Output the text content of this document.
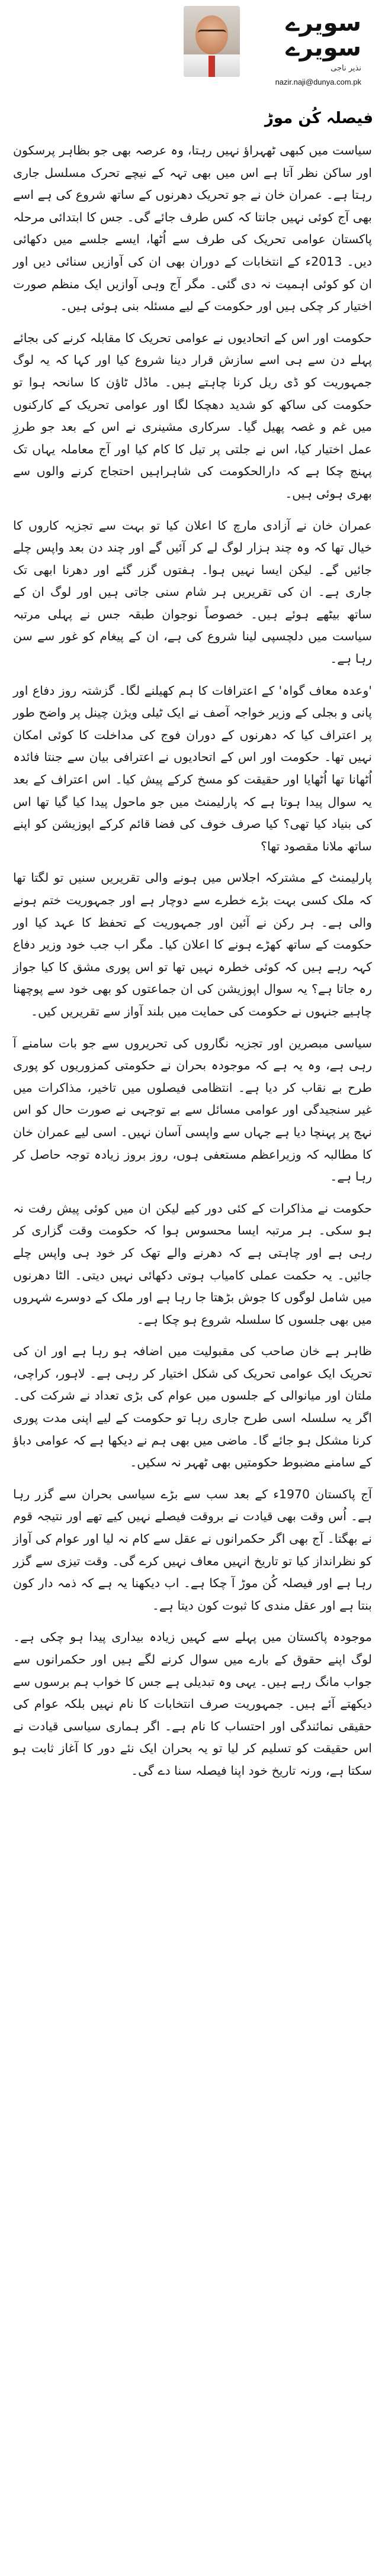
سویرے سویرے
نذیر ناجی
nazir.naji@dunya.com.pk
فیصلہ کُن موڑ

سیاست میں کبھی ٹھہراؤ نہیں رہتا، وہ عرصہ بھی جو بظاہر پرسکون اور ساکن نظر آتا ہے اس میں بھی تہہ کے نیچے تحرک مسلسل جاری رہتا ہے۔ عمران خان نے جو تحریک دھرنوں کے ساتھ شروع کی ہے اسے بھی آج کوئی نہیں جانتا کہ کس طرف جائے گی۔ جس کا ابتدائی مرحلہ پاکستان عوامی تحریک کی طرف سے اُٹھا، ایسے جلسے میں دکھائی دیں۔ 2013ء کے انتخابات کے دوران بھی ان کی آوازیں سنائی دیں اور ان کو کوئی اہمیت نہ دی گئی۔ مگر آج وہی آوازیں ایک منظم صورت اختیار کر چکی ہیں اور حکومت کے لیے مسئلہ بنی ہوئی ہیں۔

حکومت اور اس کے اتحادیوں نے عوامی تحریک کا مقابلہ کرنے کی بجائے پہلے دن سے ہی اسے سازش قرار دینا شروع کیا اور کہا کہ یہ لوگ جمہوریت کو ڈی ریل کرنا چاہتے ہیں۔ ماڈل ٹاؤن کا سانحہ ہوا تو حکومت کی ساکھ کو شدید دھچکا لگا اور عوامی تحریک کے کارکنوں میں غم و غصہ پھیل گیا۔ سرکاری مشینری نے اس کے بعد جو طرزِ عمل اختیار کیا، اس نے جلتی پر تیل کا کام کیا اور آج معاملہ یہاں تک پہنچ چکا ہے کہ دارالحکومت کی شاہراہیں احتجاج کرنے والوں سے بھری ہوئی ہیں۔

عمران خان نے آزادی مارچ کا اعلان کیا تو بہت سے تجزیہ کاروں کا خیال تھا کہ وہ چند ہزار لوگ لے کر آئیں گے اور چند دن بعد واپس چلے جائیں گے۔ لیکن ایسا نہیں ہوا۔ ہفتوں گزر گئے اور دھرنا ابھی تک جاری ہے۔ ان کی تقریریں ہر شام سنی جاتی ہیں اور لوگ ان کے ساتھ بیٹھے ہوئے ہیں۔ خصوصاً نوجوان طبقہ جس نے پہلی مرتبہ سیاست میں دلچسپی لینا شروع کی ہے، ان کے پیغام کو غور سے سن رہا ہے۔

'وعدہ معاف گواہ' کے اعترافات کا ہم کھیلنے لگا۔ گزشتہ روز دفاع اور پانی و بجلی کے وزیر خواجہ آصف نے ایک ٹیلی ویژن چینل پر واضح طور پر اعتراف کیا کہ دھرنوں کے دوران فوج کی مداخلت کا کوئی امکان نہیں تھا۔ حکومت اور اس کے اتحادیوں نے اعترافی بیان سے جنتا فائدہ اُٹھانا تھا اُٹھایا اور حقیقت کو مسخ کرکے پیش کیا۔ اس اعتراف کے بعد یہ سوال پیدا ہوتا ہے کہ پارلیمنٹ میں جو ماحول پیدا کیا گیا تھا اس کی بنیاد کیا تھی؟ کیا صرف خوف کی فضا قائم کرکے اپوزیشن کو اپنے ساتھ ملانا مقصود تھا؟

پارلیمنٹ کے مشترکہ اجلاس میں ہونے والی تقریریں سنیں تو لگتا تھا کہ ملک کسی بہت بڑے خطرے سے دوچار ہے اور جمہوریت ختم ہونے والی ہے۔ ہر رکن نے آئین اور جمہوریت کے تحفظ کا عہد کیا اور حکومت کے ساتھ کھڑے ہونے کا اعلان کیا۔ مگر اب جب خود وزیر دفاع کہہ رہے ہیں کہ کوئی خطرہ نہیں تھا تو اس پوری مشق کا کیا جواز رہ جاتا ہے؟ یہ سوال اپوزیشن کی ان جماعتوں کو بھی خود سے پوچھنا چاہیے جنہوں نے حکومت کی حمایت میں بلند آواز سے تقریریں کیں۔

سیاسی مبصرین اور تجزیہ نگاروں کی تحریروں سے جو بات سامنے آ رہی ہے، وہ یہ ہے کہ موجودہ بحران نے حکومتی کمزوریوں کو پوری طرح بے نقاب کر دیا ہے۔ انتظامی فیصلوں میں تاخیر، مذاکرات میں غیر سنجیدگی اور عوامی مسائل سے بے توجہی نے صورت حال کو اس نہج پر پہنچا دیا ہے جہاں سے واپسی آسان نہیں۔ اسی لیے عمران خان کا مطالبہ کہ وزیراعظم مستعفی ہوں، روز بروز زیادہ توجہ حاصل کر رہا ہے۔

حکومت نے مذاکرات کے کئی دور کیے لیکن ان میں کوئی پیش رفت نہ ہو سکی۔ ہر مرتبہ ایسا محسوس ہوا کہ حکومت وقت گزاری کر رہی ہے اور چاہتی ہے کہ دھرنے والے تھک کر خود ہی واپس چلے جائیں۔ یہ حکمت عملی کامیاب ہوتی دکھائی نہیں دیتی۔ الٹا دھرنوں میں شامل لوگوں کا جوش بڑھتا جا رہا ہے اور ملک کے دوسرے شہروں میں بھی جلسوں کا سلسلہ شروع ہو چکا ہے۔

ظاہر ہے خان صاحب کی مقبولیت میں اضافہ ہو رہا ہے اور ان کی تحریک ایک عوامی تحریک کی شکل اختیار کر رہی ہے۔ لاہور، کراچی، ملتان اور میانوالی کے جلسوں میں عوام کی بڑی تعداد نے شرکت کی۔ اگر یہ سلسلہ اسی طرح جاری رہا تو حکومت کے لیے اپنی مدت پوری کرنا مشکل ہو جائے گا۔ ماضی میں بھی ہم نے دیکھا ہے کہ عوامی دباؤ کے سامنے مضبوط حکومتیں بھی ٹھہر نہ سکیں۔

آج پاکستان 1970ء کے بعد سب سے بڑے سیاسی بحران سے گزر رہا ہے۔ اُس وقت بھی قیادت نے بروقت فیصلے نہیں کیے تھے اور نتیجہ قوم نے بھگتا۔ آج بھی اگر حکمرانوں نے عقل سے کام نہ لیا اور عوام کی آواز کو نظرانداز کیا تو تاریخ انہیں معاف نہیں کرے گی۔ وقت تیزی سے گزر رہا ہے اور فیصلہ کُن موڑ آ چکا ہے۔ اب دیکھنا یہ ہے کہ ذمہ دار کون بنتا ہے اور عقل مندی کا ثبوت کون دیتا ہے۔

موجودہ پاکستان میں پہلے سے کہیں زیادہ بیداری پیدا ہو چکی ہے۔ لوگ اپنے حقوق کے بارے میں سوال کرنے لگے ہیں اور حکمرانوں سے جواب مانگ رہے ہیں۔ یہی وہ تبدیلی ہے جس کا خواب ہم برسوں سے دیکھتے آئے ہیں۔ جمہوریت صرف انتخابات کا نام نہیں بلکہ عوام کی حقیقی نمائندگی اور احتساب کا نام ہے۔ اگر ہماری سیاسی قیادت نے اس حقیقت کو تسلیم کر لیا تو یہ بحران ایک نئے دور کا آغاز ثابت ہو سکتا ہے، ورنہ تاریخ خود اپنا فیصلہ سنا دے گی۔
